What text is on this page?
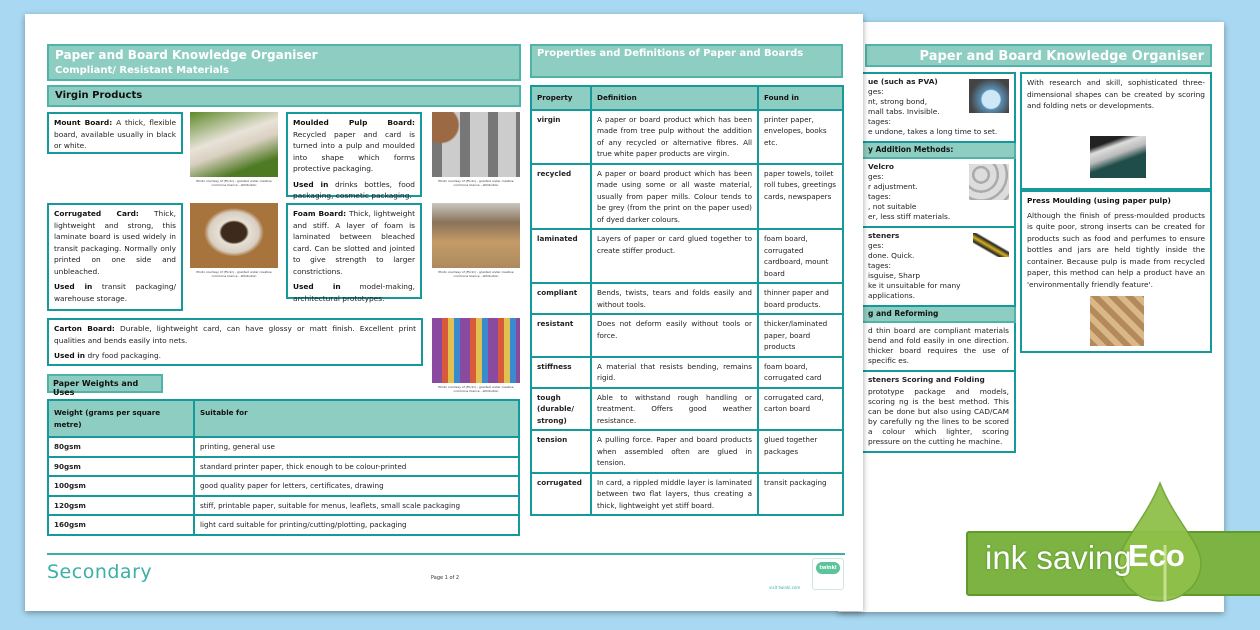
Paper and Board Knowledge Organiser
ue (such as PVA)
ges:
nt, strong bond,
mall tabs. Invisible.
tages:
e undone, takes a long time to set.
y Addition Methods:
Velcro
ges:
r adjustment.
tages:
, not suitable
er, less stiff materials.
steners
ges:
done. Quick.
tages:
isguise, Sharp
ke it unsuitable for many applications.
g and Reforming
d thin board are compliant materials bend and fold easily in one direction. thicker board requires the use of specific es.
steners Scoring and Folding
prototype package and models, scoring ng is the best method. This can be done but also using CAD/CAM by carefully ng the lines to be scored a colour which lighter, scoring pressure on the cutting he machine.
With research and skill, sophisticated three-dimensional shapes can be created by scoring and folding nets or developments.
Press Moulding (using paper pulp)
Although the finish of press-moulded products is quite poor, strong inserts can be created for products such as food and perfumes to ensure bottles and jars are held tightly inside the container. Because pulp is made from recycled paper, this method can help a product have an 'environmentally friendly feature'.
Paper and Board Knowledge Organiser
Compliant/ Resistant Materials
Virgin Products
Mount Board: A thick, flexible board, available usually in black or white.
Photo courtesy of (Flickr) - granted under creative commons licence - attribution

Moulded Pulp Board: Recycled paper and card is turned into a pulp and moulded into shape which forms protective packaging.

Used in drinks bottles, food packaging, cosmetic packaging.

Photo courtesy of (Flickr) - granted under creative commons licence - attribution

Corrugated Card: Thick, lightweight and strong, this laminate board is used widely in transit packaging. Normally only printed on one side and unbleached.

Used in transit packaging/ warehouse storage.

Photo courtesy of (Flickr) - granted under creative commons licence - attribution

Foam Board: Thick, lightweight and stiff. A layer of foam is laminated between bleached card. Can be slotted and jointed to give strength to larger constrictions.

Used in	model-making, architectural prototypes.

Photo courtesy of (Flickr) - granted under creative commons licence - attribution

Carton Board: Durable, lightweight card, can have glossy or matt finish. Excellent print qualities and bends easily into nets.

Used in dry food packaging.

Photo courtesy of (Flickr) - granted under creative commons licence - attribution
Paper Weights and Uses
Weight (grams per square metre)	Suitable for
80gsm	printing, general use
90gsm	standard printer paper, thick enough to be colour-printed
100gsm	good quality paper for letters, certificates, drawing
120gsm	stiff, printable paper, suitable for menus, leaflets, small scale packaging
160gsm	light card suitable for printing/cutting/plotting, packaging
Properties and Definitions of Paper and Boards
Property	Definition	Found in
virgin	A paper or board product which has been made from tree pulp without the addition of any recycled or alternative fibres. All true white paper products are virgin.	printer paper, envelopes, books etc.
recycled	A paper or board product which has been made using some or all waste material, usually from paper mills. Colour tends to be grey (from the print on the paper used) of dyed darker colours.	paper towels, toilet roll tubes, greetings cards, newspapers
laminated	Layers of paper or card glued together to create stiffer product.	foam board, corrugated cardboard, mount board
compliant	Bends, twists, tears and folds easily and without tools.	thinner paper and board products.
resistant	Does not deform easily without tools or force.	thicker/laminated paper, board products
stiffness	A material that resists bending, remains rigid.	foam board, corrugated card
tough (durable/ strong)	Able to withstand rough handling or treatment. Offers good weather resistance.	corrugated card, carton board
tension	A pulling force. Paper and board products when assembled often are glued in tension.	glued together packages
corrugated	In card, a rippled middle layer is laminated between two flat layers, thus creating a thick, lightweight yet stiff board.	transit packaging
Secondary	Page 1 of 2
visit twinkl.com
twinkl	ink saving
Eco
